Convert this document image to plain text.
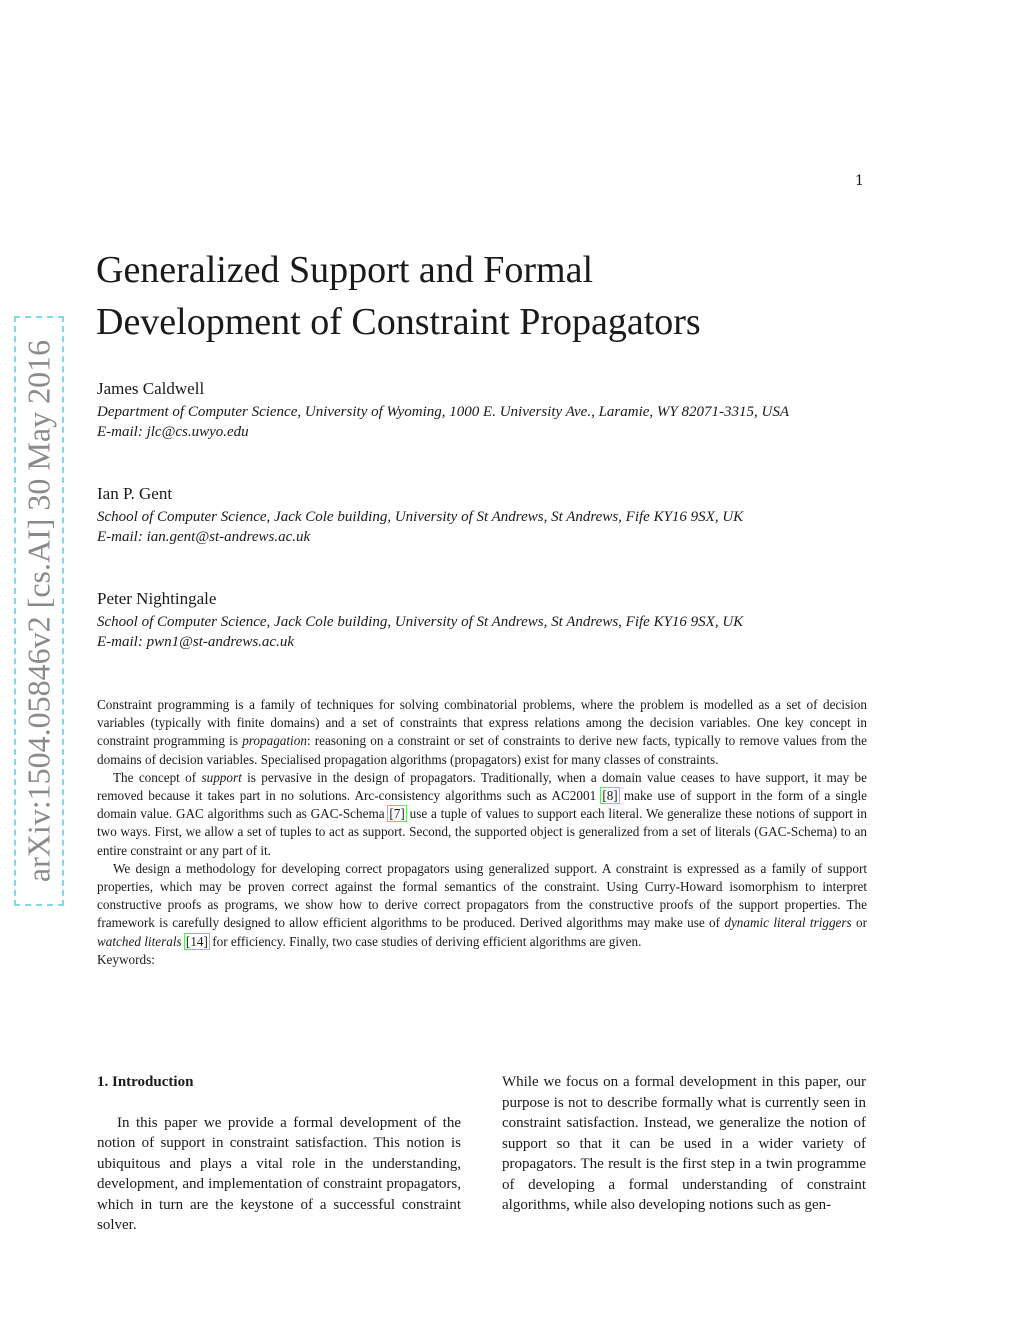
1
arXiv:1504.05846v2 [cs.AI] 30 May 2016
Generalized Support and Formal
Development of Constraint Propagators
James Caldwell
Department of Computer Science, University of Wyoming, 1000 E. University Ave., Laramie, WY 82071-3315, USA
E-mail: jlc@cs.uwyo.edu
Ian P. Gent
School of Computer Science, Jack Cole building, University of St Andrews, St Andrews, Fife KY16 9SX, UK
E-mail: ian.gent@st-andrews.ac.uk
Peter Nightingale
School of Computer Science, Jack Cole building, University of St Andrews, St Andrews, Fife KY16 9SX, UK
E-mail: pwn1@st-andrews.ac.uk

Constraint programming is a family of techniques for solving combinatorial problems, where the problem is modelled as a set of decision variables (typically with finite domains) and a set of constraints that express relations among the decision variables. One key concept in constraint programming is propagation: reasoning on a constraint or set of constraints to derive new facts, typically to remove values from the domains of decision variables. Specialised propagation algorithms (propagators) exist for many classes of constraints.

The concept of support is pervasive in the design of propagators. Traditionally, when a domain value ceases to have support, it may be removed because it takes part in no solutions. Arc-consistency algorithms such as AC2001 [8] make use of support in the form of a single domain value. GAC algorithms such as GAC-Schema [7] use a tuple of values to support each literal. We generalize these notions of support in two ways. First, we allow a set of tuples to act as support. Second, the supported object is generalized from a set of literals (GAC-Schema) to an entire constraint or any part of it.

We design a methodology for developing correct propagators using generalized support. A constraint is expressed as a family of support properties, which may be proven correct against the formal semantics of the constraint. Using Curry-Howard isomorphism to interpret constructive proofs as programs, we show how to derive correct propagators from the constructive proofs of the support properties. The framework is carefully designed to allow efficient algorithms to be produced. Derived algorithms may make use of dynamic literal triggers or watched literals [14] for efficiency. Finally, two case studies of deriving efficient algorithms are given.

Keywords:

1. Introduction

In this paper we provide a formal development of the notion of support in constraint satisfaction. This notion is ubiquitous and plays a vital role in the understanding, development, and implementation of constraint propagators, which in turn are the keystone of a successful constraint solver.

While we focus on a formal development in this paper, our purpose is not to describe formally what is currently seen in constraint satisfaction. Instead, we generalize the notion of support so that it can be used in a wider variety of propagators. The result is the first step in a twin programme of developing a formal understanding of constraint algorithms, while also developing notions such as gen-
